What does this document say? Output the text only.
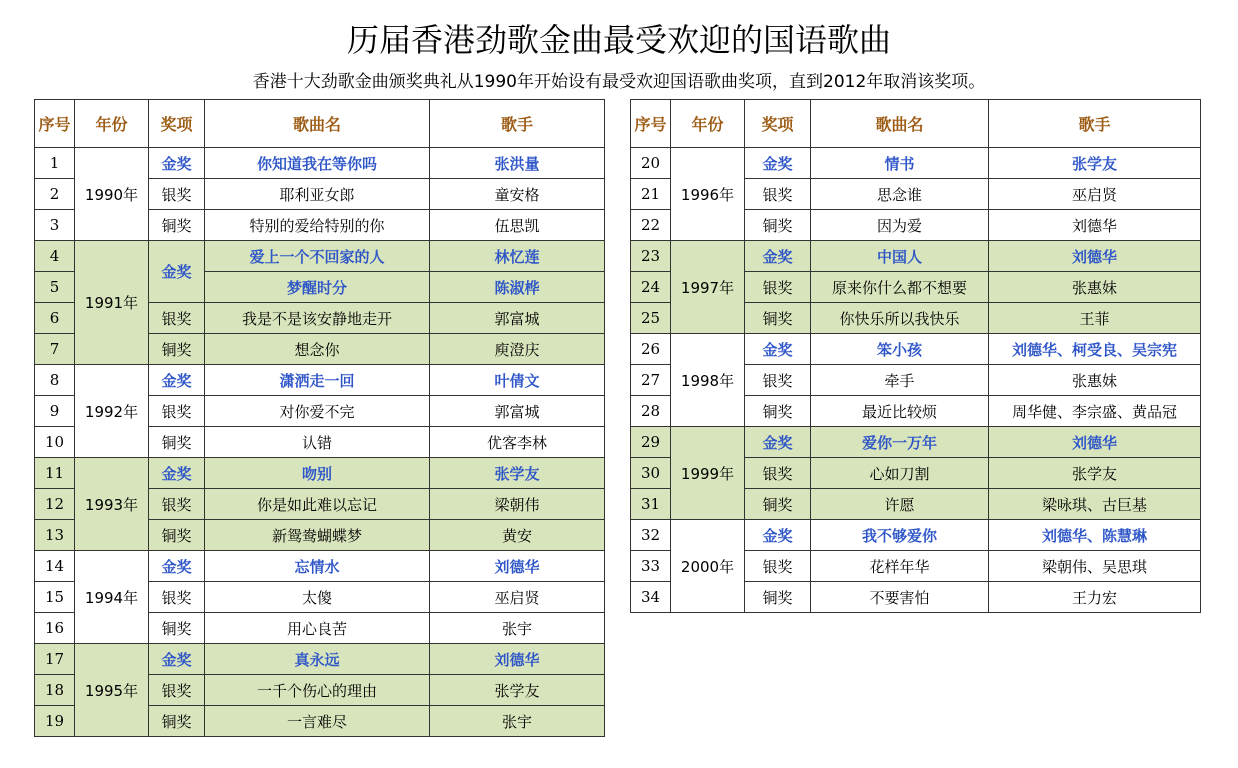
历届香港劲歌金曲最受欢迎的国语歌曲
香港十大劲歌金曲颁奖典礼从1990年开始设有最受欢迎国语歌曲奖项，直到2012年取消该奖项。
序号	年份	奖项	歌曲名	歌手
1	1990年	金奖	你知道我在等你吗	张洪量
2		银奖	耶利亚女郎	童安格
3		铜奖	特别的爱给特别的你	伍思凯
4	1991年	金奖	爱上一个不回家的人	林忆莲
5			梦醒时分	陈淑桦
6		银奖	我是不是该安静地走开	郭富城
7		铜奖	想念你	庾澄庆
8	1992年	金奖	潇洒走一回	叶倩文
9		银奖	对你爱不完	郭富城
10		铜奖	认错	优客李林
11	1993年	金奖	吻别	张学友
12		银奖	你是如此难以忘记	梁朝伟
13		铜奖	新鸳鸯蝴蝶梦	黄安
14	1994年	金奖	忘情水	刘德华
15		银奖	太傻	巫启贤
16		铜奖	用心良苦	张宇
17	1995年	金奖	真永远	刘德华
18		银奖	一千个伤心的理由	张学友
19		铜奖	一言难尽	张宇
序号	年份	奖项	歌曲名	歌手
20	1996年	金奖	情书	张学友
21		银奖	思念谁	巫启贤
22		铜奖	因为爱	刘德华
23	1997年	金奖	中国人	刘德华
24		银奖	原来你什么都不想要	张惠妹
25		铜奖	你快乐所以我快乐	王菲
26	1998年	金奖	笨小孩	刘德华、柯受良、吴宗宪
27		银奖	牵手	张惠妹
28		铜奖	最近比较烦	周华健、李宗盛、黄品冠
29	1999年	金奖	爱你一万年	刘德华
30		银奖	心如刀割	张学友
31		铜奖	许愿	梁咏琪、古巨基
32	2000年	金奖	我不够爱你	刘德华、陈慧琳
33		银奖	花样年华	梁朝伟、吴思琪
34		铜奖	不要害怕	王力宏
